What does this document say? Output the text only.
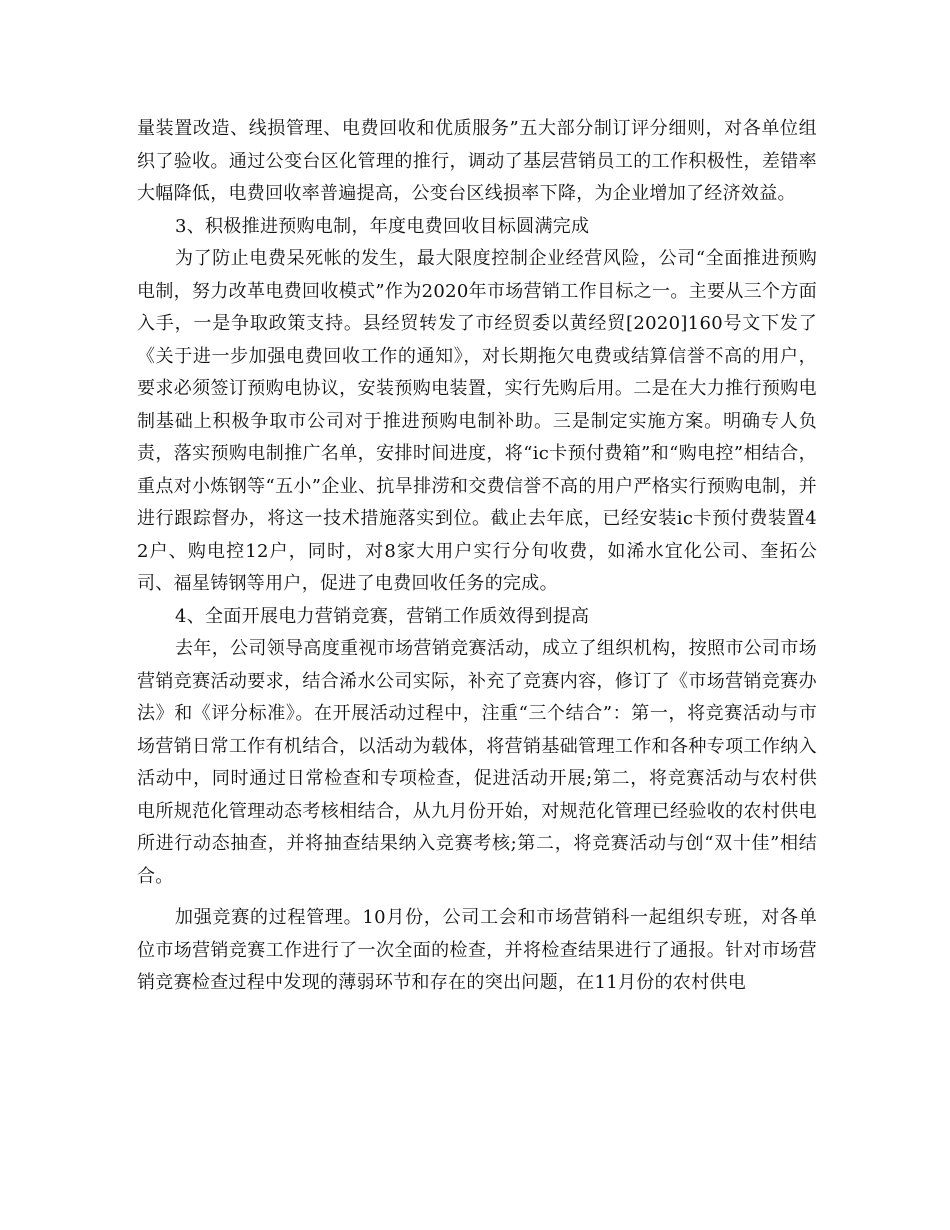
量装置改造、线损管理、电费回收和优质服务”五大部分制订评分细则，对各单位组织了验收。通过公变台区化管理的推行，调动了基层营销员工的工作积极性，差错率大幅降低，电费回收率普遍提高，公变台区线损率下降，为企业增加了经济效益。

3、积极推进预购电制，年度电费回收目标圆满完成

为了防止电费呆死帐的发生，最大限度控制企业经营风险，公司“全面推进预购电制，努力改革电费回收模式”作为2020年市场营销工作目标之一。主要从三个方面入手，一是争取政策支持。县经贸转发了市经贸委以黄经贸[2020]160号文下发了《关于进一步加强电费回收工作的通知》，对长期拖欠电费或结算信誉不高的用户，要求必须签订预购电协议，安装预购电装置，实行先购后用。二是在大力推行预购电制基础上积极争取市公司对于推进预购电制补助。三是制定实施方案。明确专人负责，落实预购电制推广名单，安排时间进度，将“ic卡预付费箱”和“购电控”相结合，重点对小炼钢等“五小”企业、抗旱排涝和交费信誉不高的用户严格实行预购电制，并进行跟踪督办，将这一技术措施落实到位。截止去年底，已经安装ic卡预付费装置42户、购电控12户，同时，对8家大用户实行分旬收费，如浠水宜化公司、奎拓公司、福星铸钢等用户，促进了电费回收任务的完成。

4、全面开展电力营销竞赛，营销工作质效得到提高

去年，公司领导高度重视市场营销竞赛活动，成立了组织机构，按照市公司市场营销竞赛活动要求，结合浠水公司实际，补充了竞赛内容，修订了《市场营销竞赛办法》和《评分标准》。在开展活动过程中，注重“三个结合”：第一，将竞赛活动与市场营销日常工作有机结合，以活动为载体，将营销基础管理工作和各种专项工作纳入活动中，同时通过日常检查和专项检查，促进活动开展;第二，将竞赛活动与农村供电所规范化管理动态考核相结合，从九月份开始，对规范化管理已经验收的农村供电所进行动态抽查，并将抽查结果纳入竞赛考核;第二，将竞赛活动与创“双十佳”相结合。

加强竞赛的过程管理。10月份，公司工会和市场营销科一起组织专班，对各单位市场营销竞赛工作进行了一次全面的检查，并将检查结果进行了通报。针对市场营销竞赛检查过程中发现的薄弱环节和存在的突出问题，在11月份的农村供电
